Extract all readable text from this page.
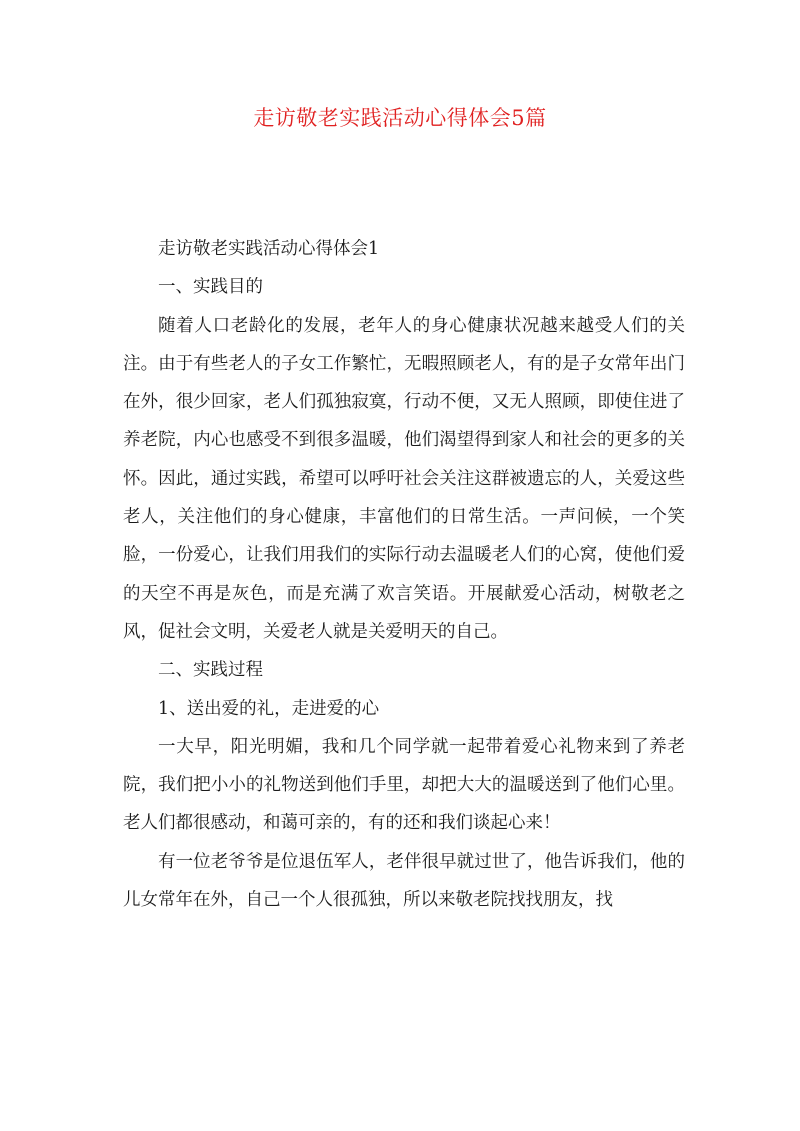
走访敬老实践活动心得体会5篇

走访敬老实践活动心得体会1

一、实践目的

随着人口老龄化的发展，老年人的身心健康状况越来越受人们的关注。由于有些老人的子女工作繁忙，无暇照顾老人，有的是子女常年出门在外，很少回家，老人们孤独寂寞，行动不便，又无人照顾，即使住进了养老院，内心也感受不到很多温暖，他们渴望得到家人和社会的更多的关怀。因此，通过实践，希望可以呼吁社会关注这群被遗忘的人，关爱这些老人，关注他们的身心健康，丰富他们的日常生活。一声问候，一个笑脸，一份爱心，让我们用我们的实际行动去温暖老人们的心窝，使他们爱的天空不再是灰色，而是充满了欢言笑语。开展献爱心活动，树敬老之风，促社会文明，关爱老人就是关爱明天的自己。

二、实践过程

1、送出爱的礼，走进爱的心

一大早，阳光明媚，我和几个同学就一起带着爱心礼物来到了养老院，我们把小小的礼物送到他们手里，却把大大的温暖送到了他们心里。老人们都很感动，和蔼可亲的，有的还和我们谈起心来！

有一位老爷爷是位退伍军人，老伴很早就过世了，他告诉我们，他的儿女常年在外，自己一个人很孤独，所以来敬老院找找朋友，找
